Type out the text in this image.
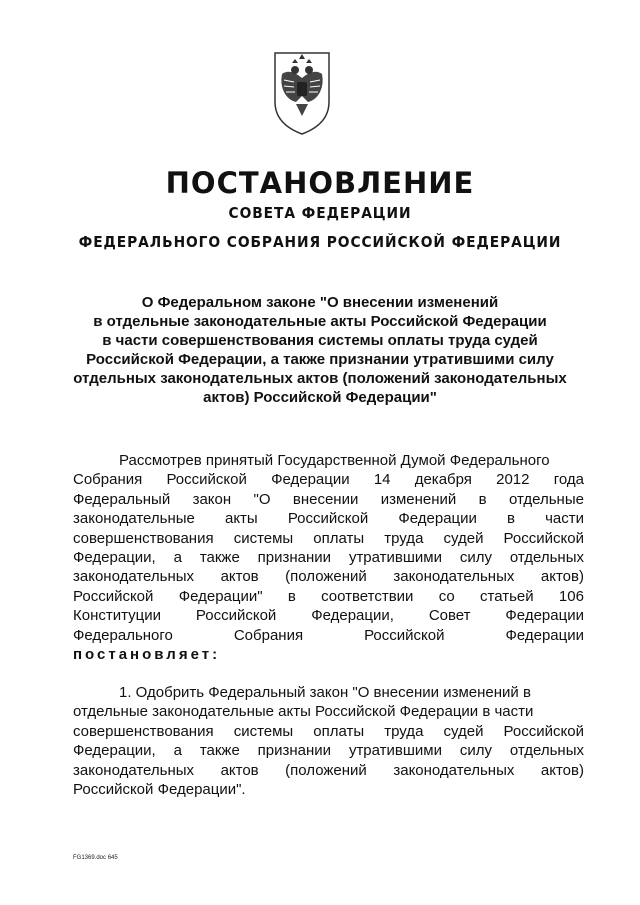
ПОСТАНОВЛЕНИЕ
СОВЕТА ФЕДЕРАЦИИ
ФЕДЕРАЛЬНОГО СОБРАНИЯ РОССИЙСКОЙ ФЕДЕРАЦИИ
О Федеральном законе "О внесении изменений
в отдельные законодательные акты Российской Федерации
в части совершенствования системы оплаты труда судей
Российской Федерации, а также признании утратившими силу
отдельных законодательных актов (положений законодательных
актов) Российской Федерации"
Рассмотрев принятый Государственной Думой Федерального
Собрания Российской Федерации 14 декабря 2012 года
Федеральный закон "О внесении изменений в отдельные
законодательные акты Российской Федерации в части
совершенствования системы оплаты труда судей Российской
Федерации, а также признании утратившими силу отдельных
законодательных актов (положений законодательных актов)
Российской Федерации" в соответствии со статьей 106
Конституции Российской Федерации, Совет Федерации
Федерального	Собрания	Российской	Федерации
постановляет:
1. Одобрить Федеральный закон "О внесении изменений в
отдельные законодательные акты Российской Федерации в части
совершенствования системы оплаты труда судей Российской
Федерации, а также признании утратившими силу отдельных
законодательных актов (положений законодательных актов)
Российской Федерации".
FG1369.doc 645
